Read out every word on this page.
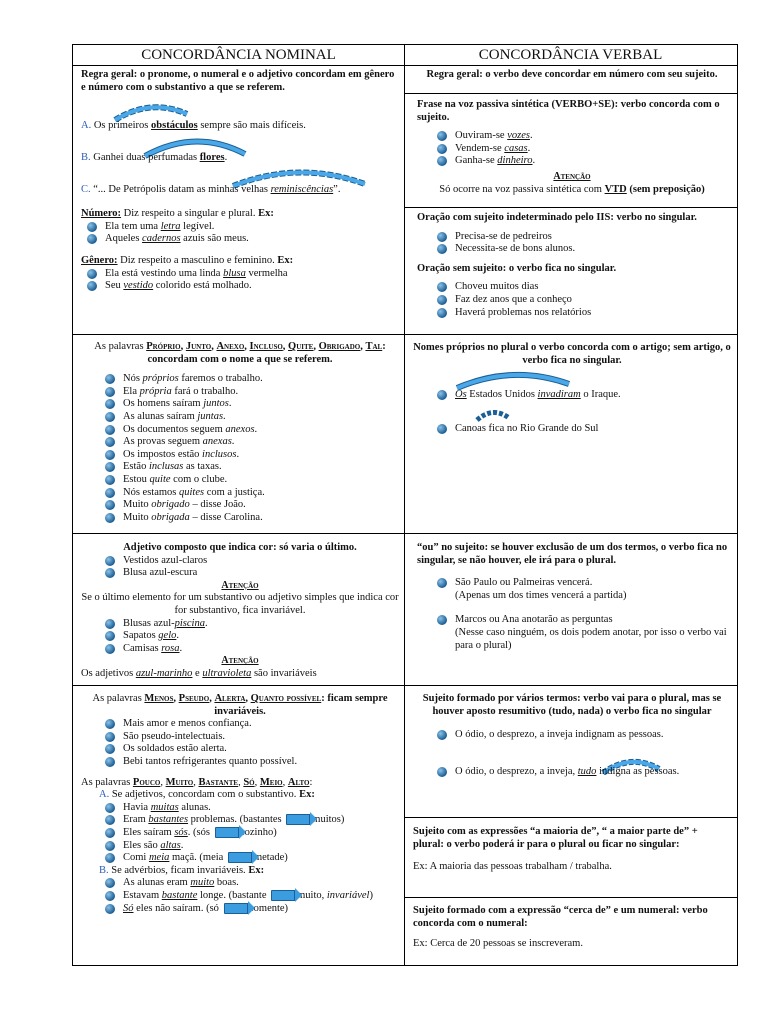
CONCORDÂNCIA NOMINAL	CONCORDÂNCIA VERBAL
Regra geral: o pronome, o numeral e o adjetivo concordam em gênero e número com o substantivo a que se referem.
A. Os primeiros obstáculos sempre são mais difíceis.
B. Ganhei duas perfumadas flores.
C. “... De Petrópolis datam as minhas velhas reminiscências”.
Número: Diz respeito a singular e plural. Ex:
Ela tem uma letra legível.
Aqueles cadernos azuis são meus.
Gênero: Diz respeito a masculino e feminino. Ex:
Ela está vestindo uma linda blusa vermelha
Seu vestido colorido está molhado.
As palavras Próprio, Junto, Anexo, Incluso, Quite, Obrigado, Tal: concordam com o nome a que se referem.
Nós próprios faremos o trabalho.
Ela própria fará o trabalho.
Os homens saíram juntos.
As alunas saíram juntas.
Os documentos seguem anexos.
As provas seguem anexas.
Os impostos estão inclusos.
Estão inclusas as taxas.
Estou quite com o clube.
Nós estamos quites com a justiça.
Muito obrigado – disse João.
Muito obrigada – disse Carolina.
Adjetivo composto que indica cor: só varia o último.
Vestidos azul-claros
Blusa azul-escura
Atenção
Se o último elemento for um substantivo ou adjetivo simples que indica cor for substantivo, fica invariável.
Blusas azul-piscina.
Sapatos gelo.
Camisas rosa.
Atenção
Os adjetivos azul-marinho e ultravioleta são invariáveis
As palavras Menos, Pseudo, Alerta, Quanto possível: ficam sempre invariáveis.
Mais amor e menos confiança.
São pseudo-intelectuais.
Os soldados estão alerta.
Bebi tantos refrigerantes quanto possível.
As palavras Pouco, Muito, Bastante, Só, Meio, Alto:
A. Se adjetivos, concordam com o substantivo. Ex:
Havia muitas alunas.
Eram bastantes problemas. (bastantes	muitos)
Eles saíram sós. (sós	sozinho)
Eles são altas.
Comi meia maçã. (meia	metade)
B. Se advérbios, ficam invariáveis. Ex:
As alunas eram muito boas.
Estavam bastante longe. (bastante	muito, invariável)
Só eles não saíram. (só	somente)
Regra geral: o verbo deve concordar em número com seu sujeito.
Frase na voz passiva sintética (VERBO+SE): verbo concorda com o sujeito.
Ouviram-se vozes.
Vendem-se casas.
Ganha-se dinheiro.
Atenção
Só ocorre na voz passiva sintética com VTD (sem preposição)
Oração com sujeito indeterminado pelo IIS: verbo no singular.
Precisa-se de pedreiros
Necessita-se de bons alunos.
Oração sem sujeito: o verbo fica no singular.
Choveu muitos dias
Faz dez anos que a conheço
Haverá problemas nos relatórios
Nomes próprios no plural o verbo concorda com o artigo; sem artigo, o verbo fica no singular.
Os Estados Unidos invadiram o Iraque.
Canoas fica no Rio Grande do Sul
“ou” no sujeito: se houver exclusão de um dos termos, o verbo fica no singular, se não houver, ele irá para o plural.
São Paulo ou Palmeiras vencerá.
(Apenas um dos times vencerá a partida)
Marcos ou Ana anotarão as perguntas
(Nesse caso ninguém, os dois podem anotar, por isso o verbo vai para o plural)
Sujeito formado por vários termos: verbo vai para o plural, mas se houver aposto resumitivo (tudo, nada) o verbo fica no singular
O ódio, o desprezo, a inveja indignam as pessoas.
O ódio, o desprezo, a inveja, tudo indigna as pessoas.
Sujeito com as expressões “a maioria de”, “ a maior parte de” + plural: o verbo poderá ir para o plural ou ficar no singular:
Ex: A maioria das pessoas trabalham / trabalha.
Sujeito formado com a expressão “cerca de” e um numeral: verbo concorda com o numeral:
Ex: Cerca de 20 pessoas se inscreveram.
